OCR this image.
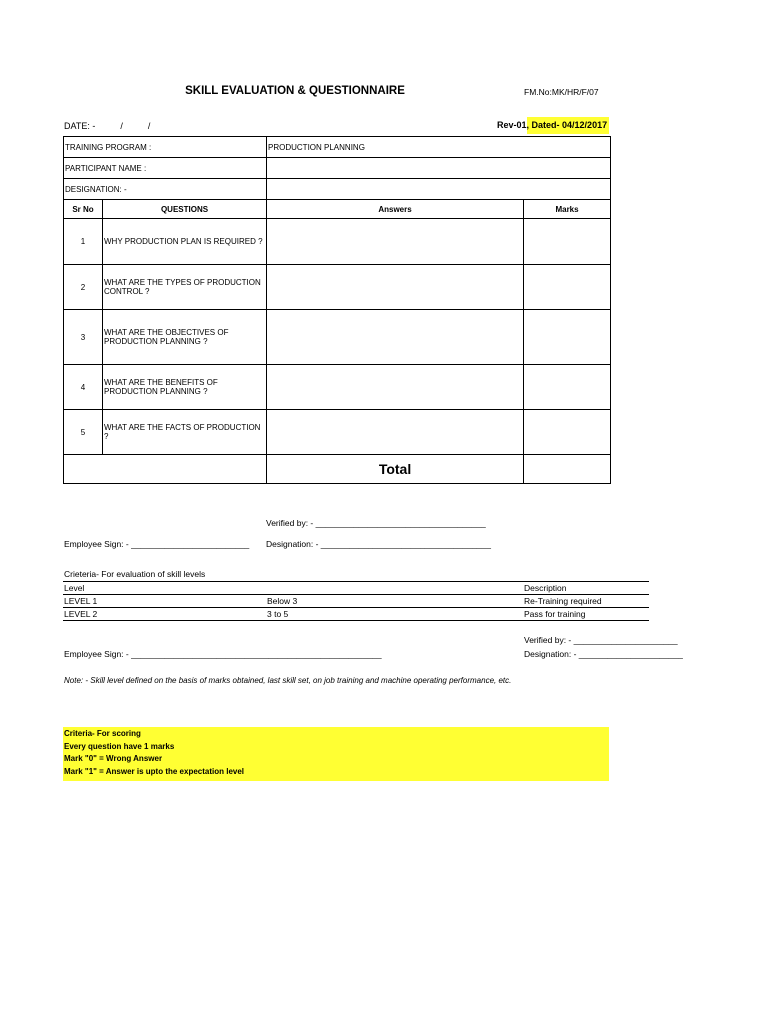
SKILL EVALUATION & QUESTIONNAIRE	FM.No:MK/HR/F/07
DATE: -          /          /	Rev-01, Dated- 04/12/2017
TRAINING PROGRAM :		PRODUCTION PLANNING	
PARTICIPANT NAME :			
DESIGNATION: -			
Sr No	QUESTIONS	Answers	Marks
1	WHY PRODUCTION PLAN IS REQUIRED ?		
2	WHAT ARE THE TYPES OF PRODUCTION CONTROL ?		
3	WHAT ARE THE OBJECTIVES OF PRODUCTION PLANNING ?		
4	WHAT ARE THE BENEFITS OF PRODUCTION PLANNING ?		
5	WHAT ARE THE FACTS OF PRODUCTION ?		
		Total	
Verified by: - ____________________________________
Employee Sign: - _________________________ Designation: - ____________________________________
Crieteria- For evaluation of skill levels
Level		Description
LEVEL 1	Below 3	Re-Training required
LEVEL 2	3 to 5	Pass for training
Verified by: - ______________________
Employee Sign: - _____________________________________________________	Designation: - ______________________
Note: - Skill level defined on the basis of marks obtained, last skill set, on job training and machine operating performance, etc.
Criteria- For scoring
Every question have 1 marks
Mark "0" = Wrong Answer
Mark "1" = Answer is upto the expectation level
